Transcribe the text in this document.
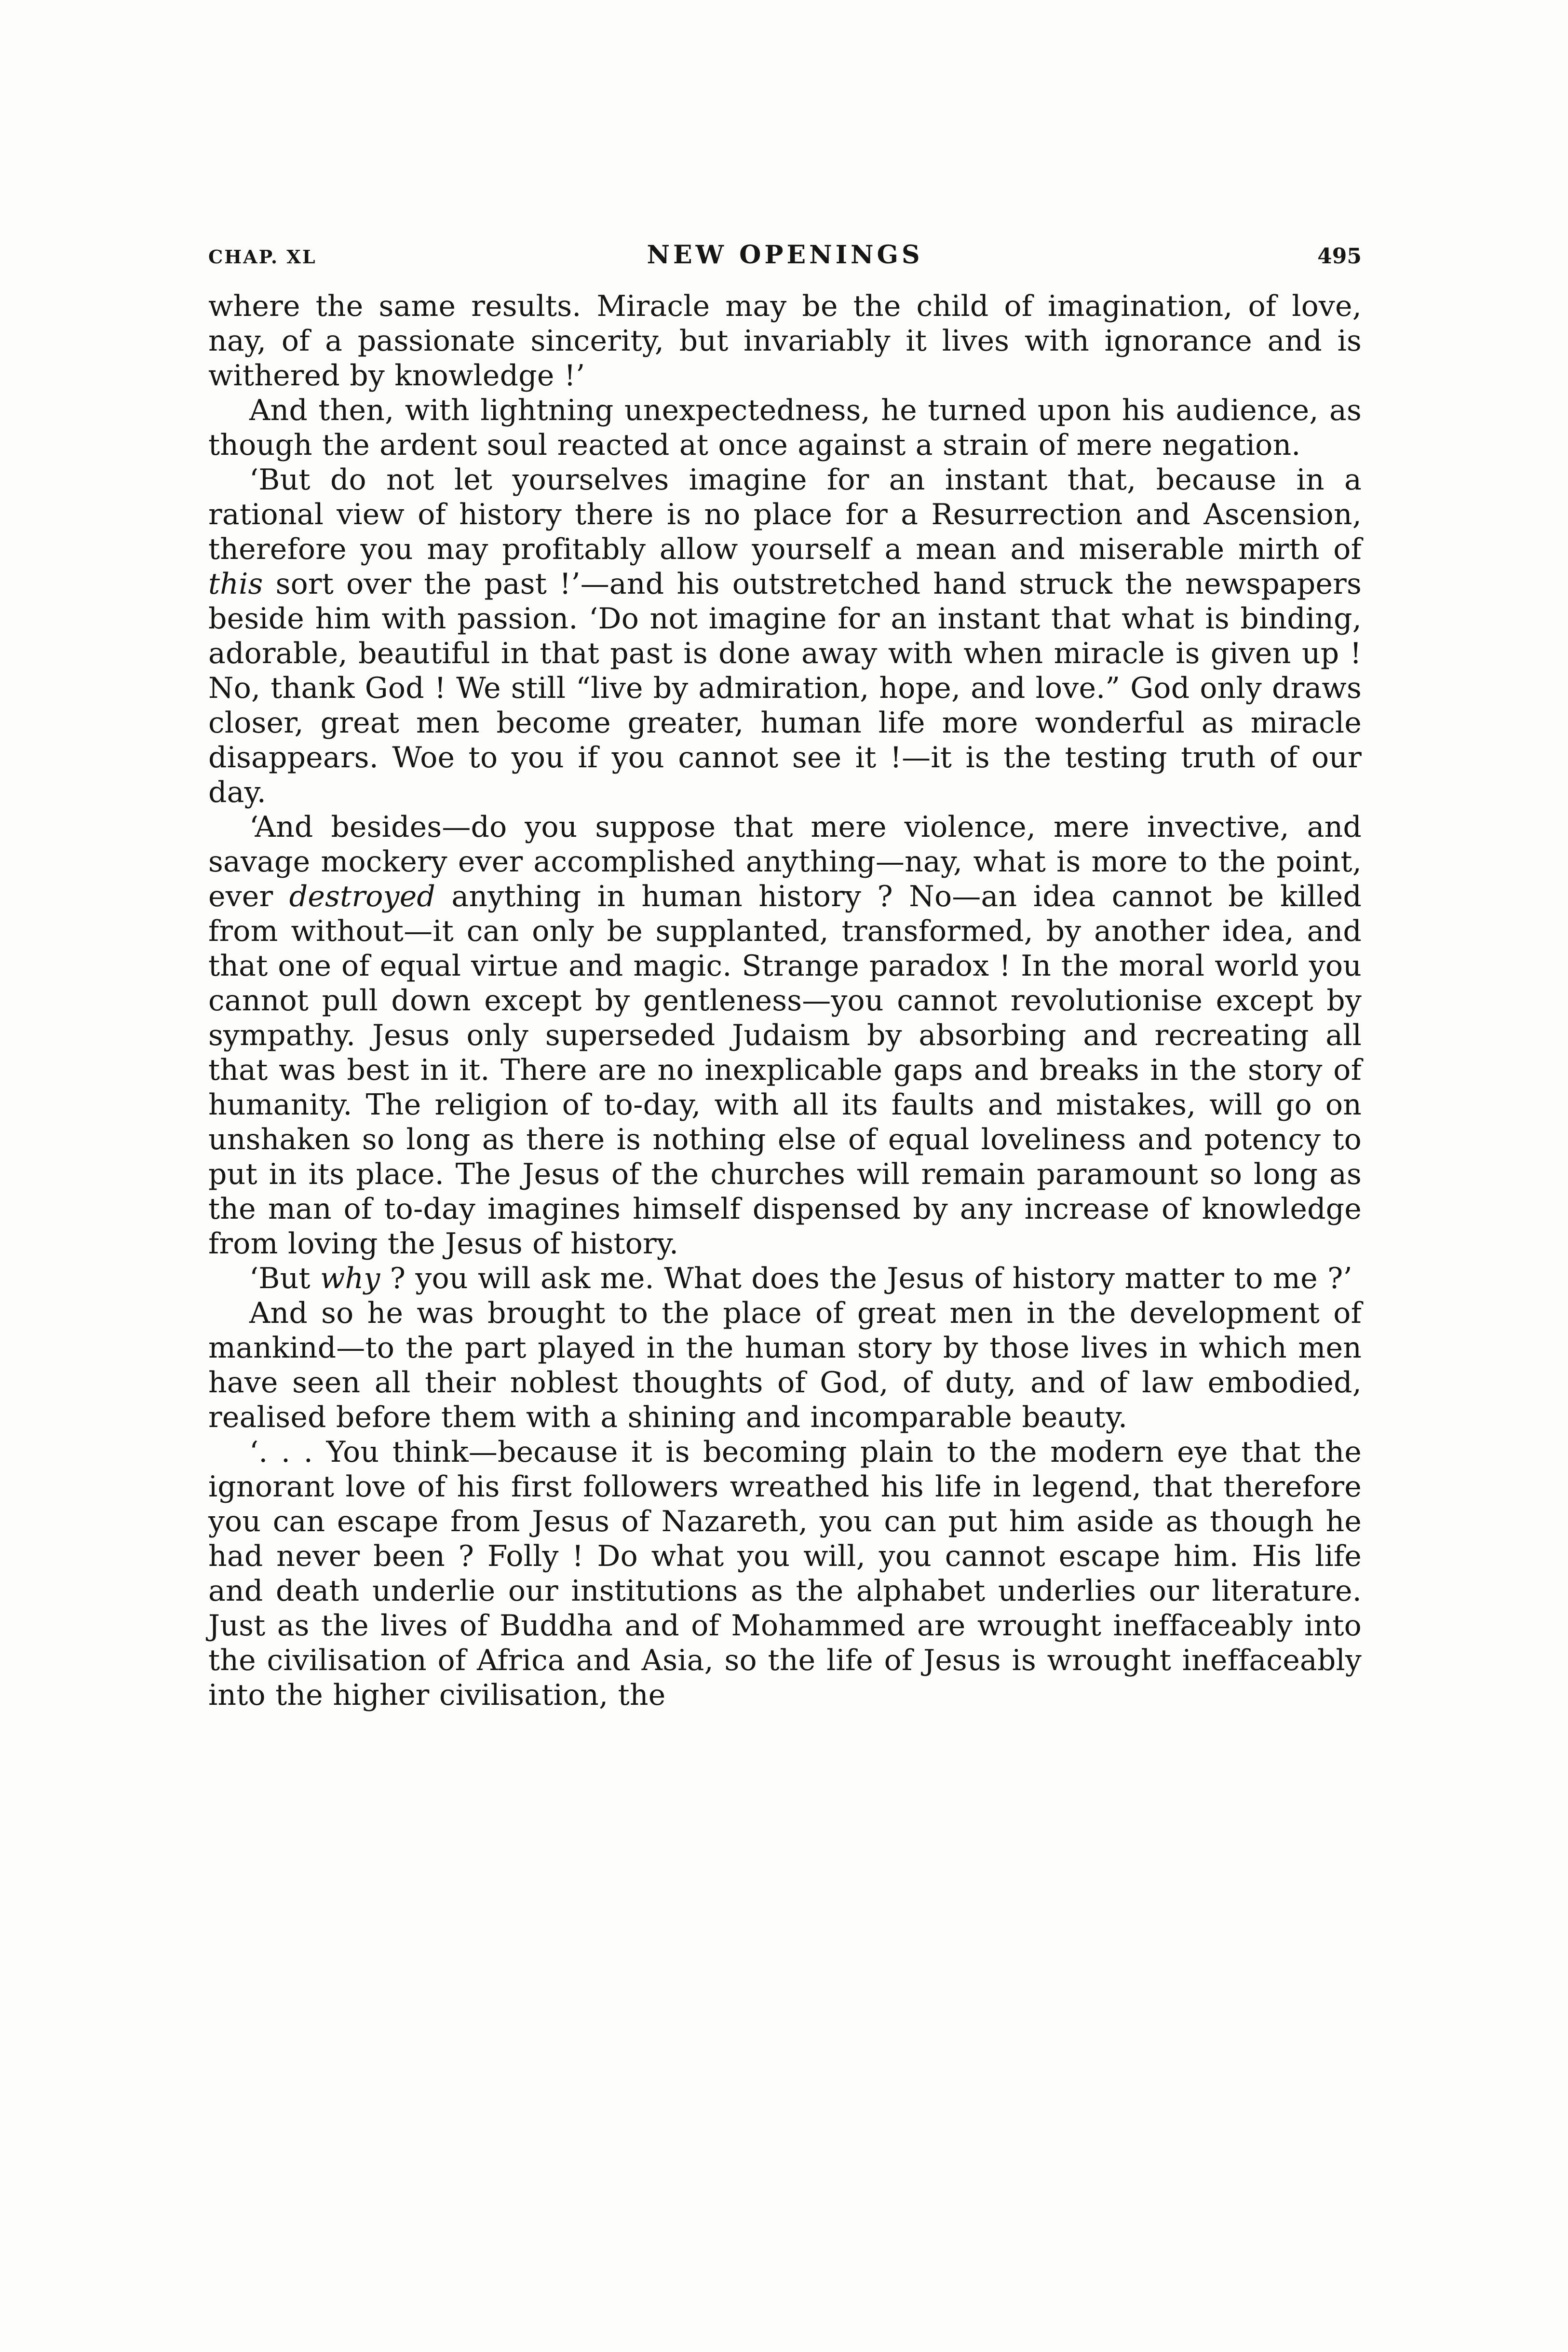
CHAP. XL	NEW OPENINGS	495

where the same results. Miracle may be the child of imagination, of love, nay, of a passionate sincerity, but invariably it lives with ignorance and is withered by knowledge !’

And then, with lightning unexpectedness, he turned upon his audience, as though the ardent soul reacted at once against a strain of mere negation.

‘But do not let yourselves imagine for an instant that, because in a rational view of history there is no place for a Resurrection and Ascension, therefore you may profitably allow yourself a mean and miserable mirth of this sort over the past !’—and his outstretched hand struck the newspapers beside him with passion. ‘Do not imagine for an instant that what is binding, adorable, beautiful in that past is done away with when miracle is given up ! No, thank God ! We still “live by admiration, hope, and love.” God only draws closer, great men become greater, human life more wonderful as miracle disappears. Woe to you if you cannot see it !—it is the testing truth of our day.

‘And besides—do you suppose that mere violence, mere invective, and savage mockery ever accomplished anything—nay, what is more to the point, ever destroyed anything in human history ? No—an idea cannot be killed from without—it can only be supplanted, transformed, by another idea, and that one of equal virtue and magic. Strange paradox ! In the moral world you cannot pull down except by gentleness—you cannot revolutionise except by sympathy. Jesus only superseded Judaism by absorbing and recreating all that was best in it. There are no inexplicable gaps and breaks in the story of humanity. The religion of to-day, with all its faults and mistakes, will go on unshaken so long as there is nothing else of equal loveliness and potency to put in its place. The Jesus of the churches will remain paramount so long as the man of to-day imagines himself dispensed by any increase of knowledge from loving the Jesus of history.

‘But why ? you will ask me. What does the Jesus of history matter to me ?’

And so he was brought to the place of great men in the development of mankind—to the part played in the human story by those lives in which men have seen all their noblest thoughts of God, of duty, and of law embodied, realised before them with a shining and incomparable beauty.

‘. . . You think—because it is becoming plain to the modern eye that the ignorant love of his first followers wreathed his life in legend, that therefore you can escape from Jesus of Nazareth, you can put him aside as though he had never been ? Folly ! Do what you will, you cannot escape him. His life and death underlie our institutions as the alphabet underlies our literature. Just as the lives of Buddha and of Mohammed are wrought ineffaceably into the civilisation of Africa and Asia, so the life of Jesus is wrought ineffaceably into the higher civilisation, the
